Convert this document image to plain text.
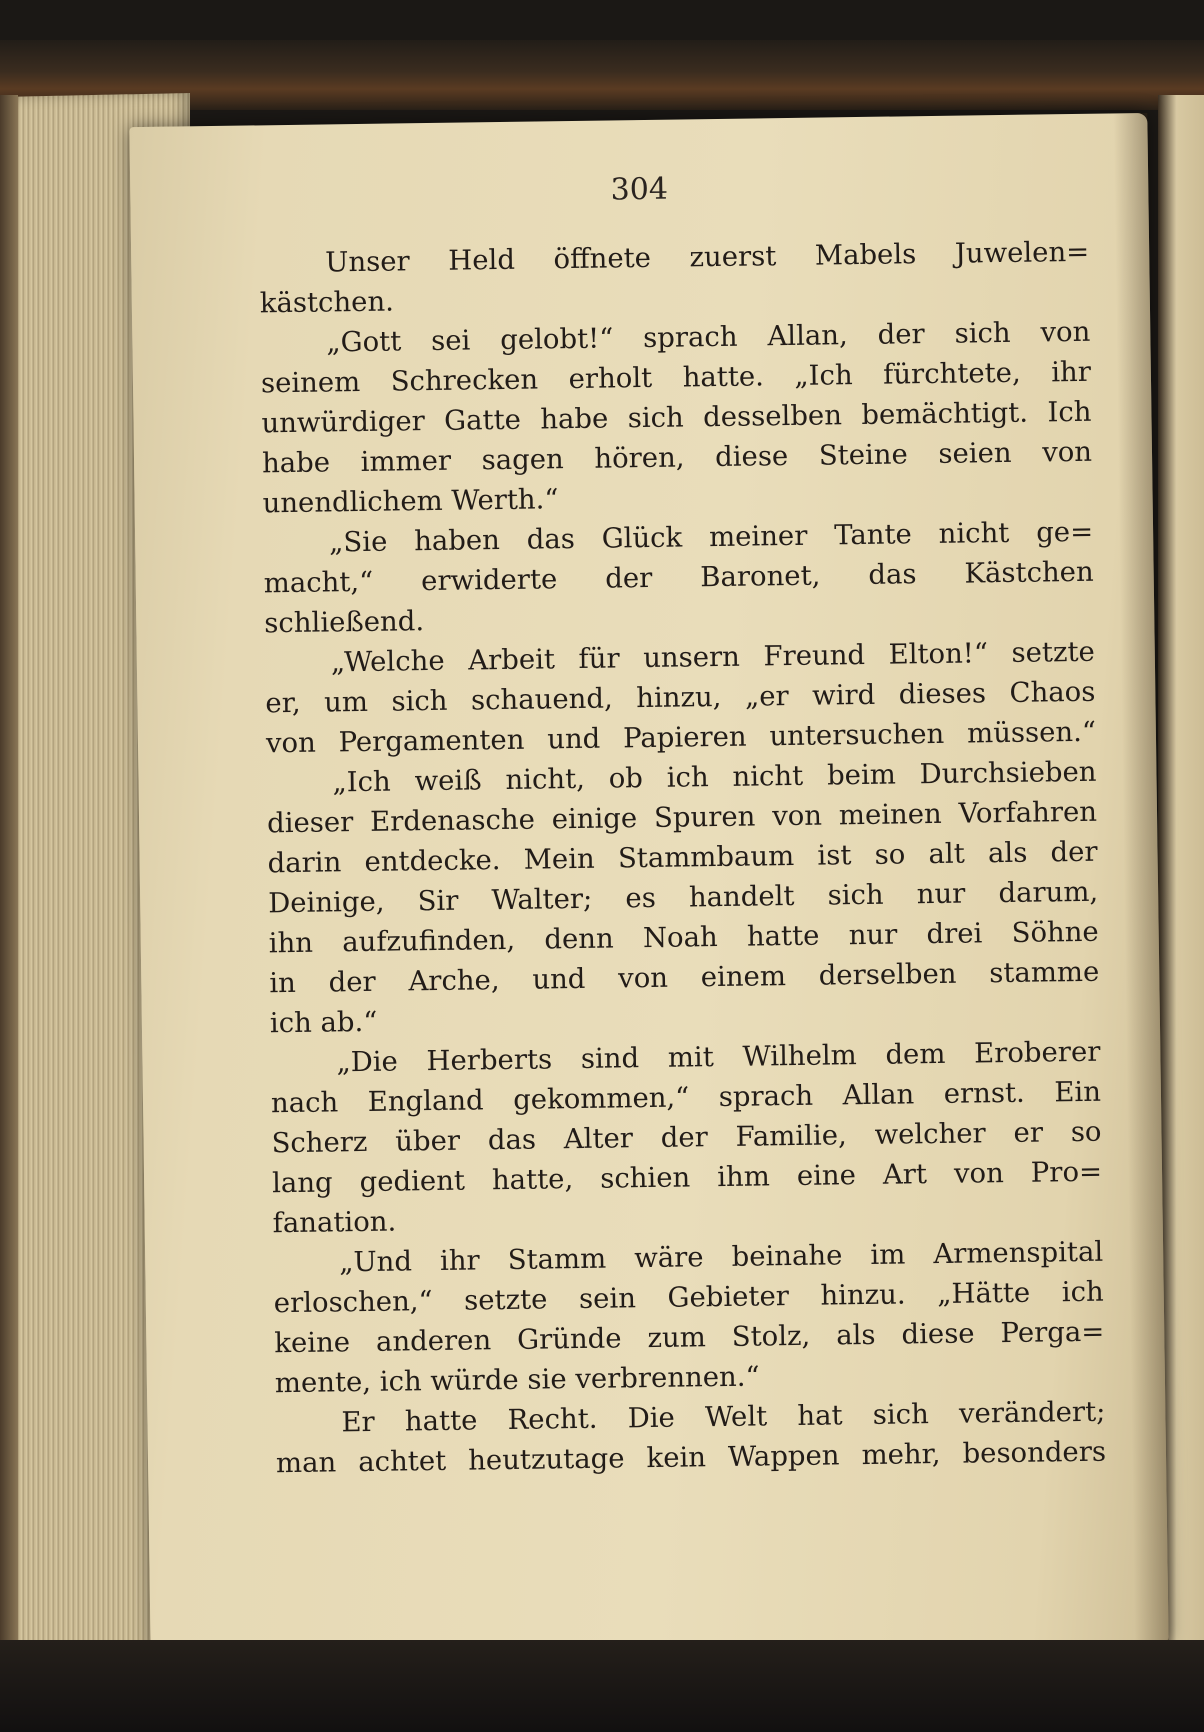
304
Unser Held öffnete zuerst Mabels Juwelen=
kästchen.
„Gott sei gelobt!“ sprach Allan, der sich von
seinem Schrecken erholt hatte. „Ich fürchtete, ihr
unwürdiger Gatte habe sich desselben bemächtigt. Ich
habe immer sagen hören, diese Steine seien von
unendlichem Werth.“
„Sie haben das Glück meiner Tante nicht ge=
macht,“ erwiderte der Baronet, das Kästchen
schließend.
„Welche Arbeit für unsern Freund Elton!“ setzte
er, um sich schauend, hinzu, „er wird dieses Chaos
von Pergamenten und Papieren untersuchen müssen.“
„Ich weiß nicht, ob ich nicht beim Durchsieben
dieser Erdenasche einige Spuren von meinen Vorfahren
darin entdecke. Mein Stammbaum ist so alt als der
Deinige, Sir Walter; es handelt sich nur darum,
ihn aufzufinden, denn Noah hatte nur drei Söhne
in der Arche, und von einem derselben stamme
ich ab.“
„Die Herberts sind mit Wilhelm dem Eroberer
nach England gekommen,“ sprach Allan ernst. Ein
Scherz über das Alter der Familie, welcher er so
lang gedient hatte, schien ihm eine Art von Pro=
fanation.
„Und ihr Stamm wäre beinahe im Armenspital
erloschen,“ setzte sein Gebieter hinzu. „Hätte ich
keine anderen Gründe zum Stolz, als diese Perga=
mente, ich würde sie verbrennen.“
Er hatte Recht. Die Welt hat sich verändert;
man achtet heutzutage kein Wappen mehr, besonders
